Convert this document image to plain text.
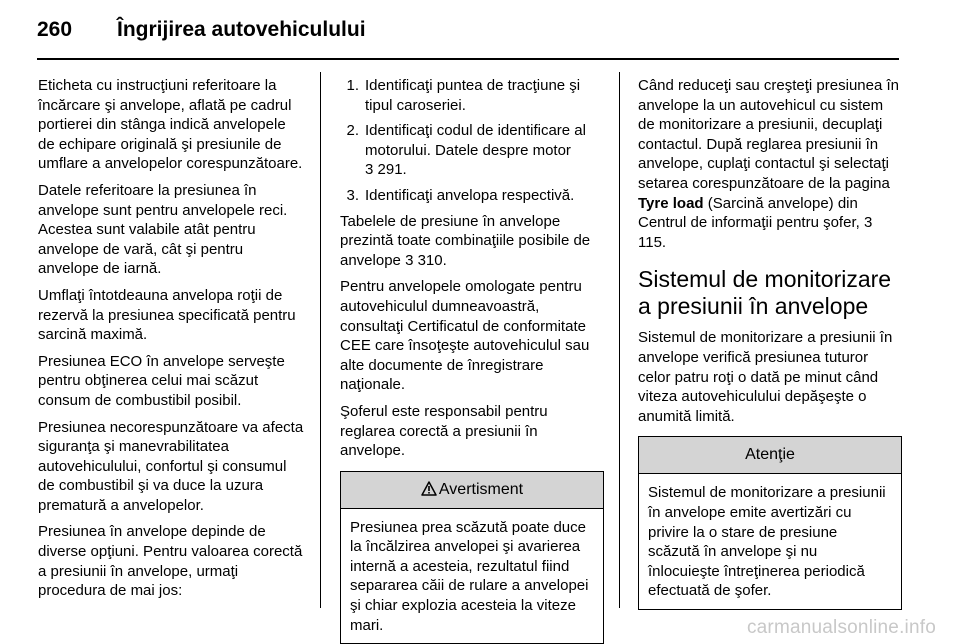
260 Îngrijirea autovehiculului

Eticheta cu instrucţiuni referitoare la încărcare şi anvelope, aflată pe cadrul portierei din stânga indică anvelopele de echipare originală şi presiunile de umflare a anvelopelor corespunzătoare.

Datele referitoare la presiunea în anvelope sunt pentru anvelopele reci. Acestea sunt valabile atât pentru anvelope de vară, cât şi pentru anvelope de iarnă.

Umflaţi întotdeauna anvelopa roţii de rezervă la presiunea specificată pentru sarcină maximă.

Presiunea ECO în anvelope serveşte pentru obţinerea celui mai scăzut consum de combustibil posibil.

Presiunea necorespunzătoare va afecta siguranţa şi manevrabilitatea autovehiculului, confortul şi consumul de combustibil şi va duce la uzura prematură a anvelopelor.

Presiunea în anvelope depinde de diverse opţiuni. Pentru valoarea corectă a presiunii în anvelope, urmaţi procedura de mai jos:

1. Identificaţi puntea de tracţiune şi tipul caroseriei.
2. Identificaţi codul de identificare al motorului. Datele despre motor
3 291.
3. Identificaţi anvelopa respectivă.

Tabelele de presiune în anvelope prezintă toate combinaţiile posibile de anvelope 3 310.

Pentru anvelopele omologate pentru autovehiculul dumneavoastră, consultaţi Certificatul de conformitate CEE care însoţeşte autovehiculul sau alte documente de înregistrare naţionale.

Şoferul este responsabil pentru reglarea corectă a presiunii în anvelope.

Avertisment
Presiunea prea scăzută poate duce la încălzirea anvelopei şi avarierea internă a acesteia, rezultatul fiind separarea căii de rulare a anvelopei şi chiar explozia acesteia la viteze mari.

Când reduceţi sau creşteţi presiunea în anvelope la un autovehicul cu sistem de monitorizare a presiunii, decuplaţi contactul. După reglarea presiunii în anvelope, cuplaţi contactul şi selectaţi setarea corespunzătoare de la pagina Tyre load (Sarcină anvelope) din Centrul de informaţii pentru şofer, 3 115.

Sistemul de monitorizare a presiunii în anvelope

Sistemul de monitorizare a presiunii în anvelope verifică presiunea tuturor celor patru roţi o dată pe minut când viteza autovehiculului depăşeşte o anumită limită.

Atenţie
Sistemul de monitorizare a presiunii în anvelope emite avertizări cu privire la o stare de presiune scăzută în anvelope şi nu înlocuieşte întreţinerea periodică efectuată de şofer.
carmanualsonline.info
